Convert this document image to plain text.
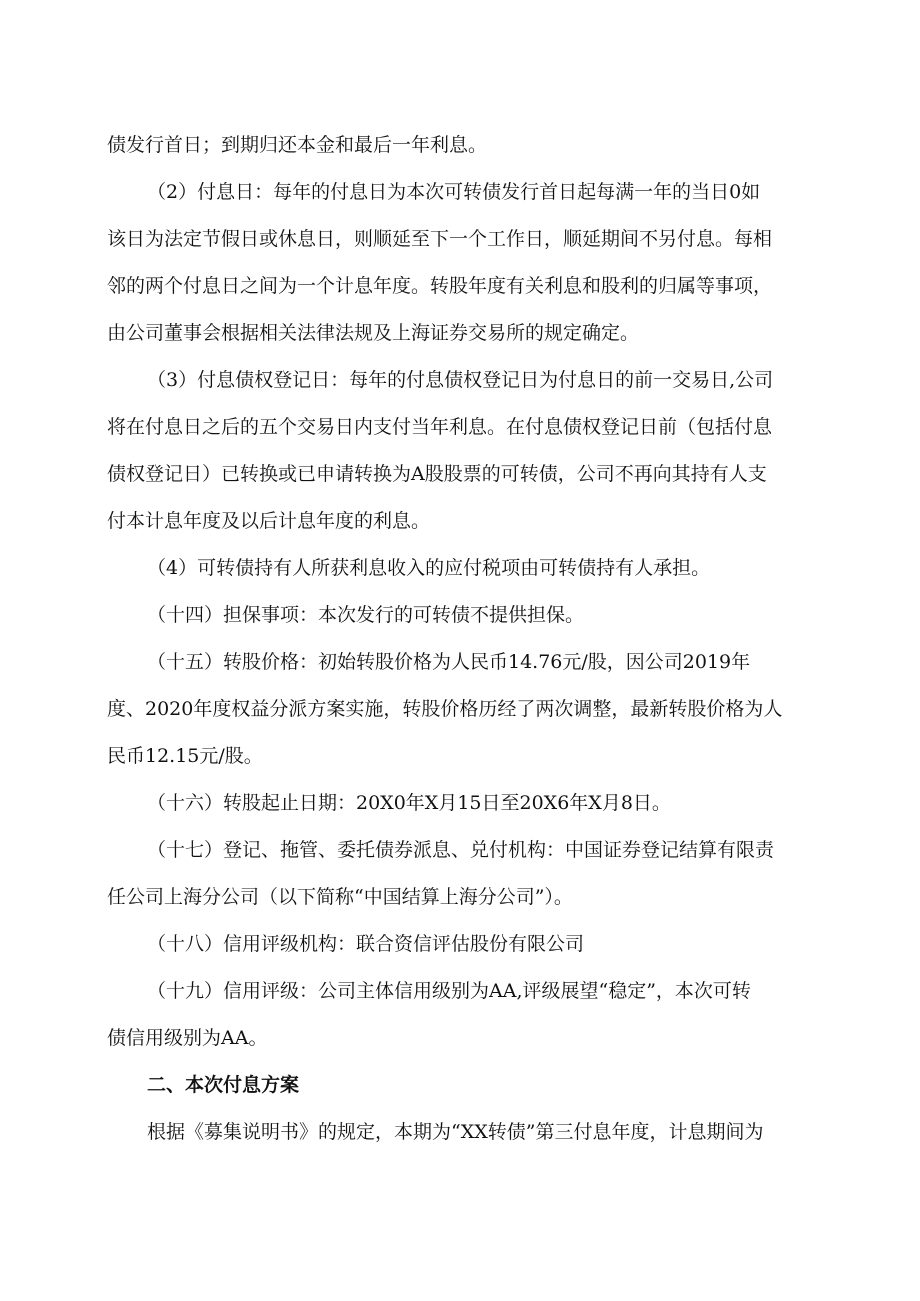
债发行首日；到期归还本金和最后一年利息。
（2）付息日：每年的付息日为本次可转债发行首日起每满一年的当日0如
该日为法定节假日或休息日，则顺延至下一个工作日，顺延期间不另付息。每相
邻的两个付息日之间为一个计息年度。转股年度有关利息和股利的归属等事项，
由公司董事会根据相关法律法规及上海证券交易所的规定确定。
（3）付息债权登记日：每年的付息债权登记日为付息日的前一交易日,公司
将在付息日之后的五个交易日内支付当年利息。在付息债权登记日前（包括付息
债权登记日）已转换或已申请转换为A股股票的可转债，公司不再向其持有人支
付本计息年度及以后计息年度的利息。
（4）可转债持有人所获利息收入的应付税项由可转债持有人承担。
（十四）担保事项：本次发行的可转债不提供担保。
（十五）转股价格：初始转股价格为人民币14.76元/股，因公司2019年
度、2020年度权益分派方案实施，转股价格历经了两次调整，最新转股价格为人
民币12.15元/股。
（十六）转股起止日期：20X0年X月15日至20X6年X月8日。
（十七）登记、拖管、委托债券派息、兑付机构：中国证券登记结算有限责
任公司上海分公司（以下简称“中国结算上海分公司”）。
（十八）信用评级机构：联合资信评估股份有限公司
（十九）信用评级：公司主体信用级别为AA,评级展望“稳定”，本次可转
债信用级别为AA。
二、本次付息方案
根据《募集说明书》的规定，本期为“XX转债”第三付息年度，计息期间为
